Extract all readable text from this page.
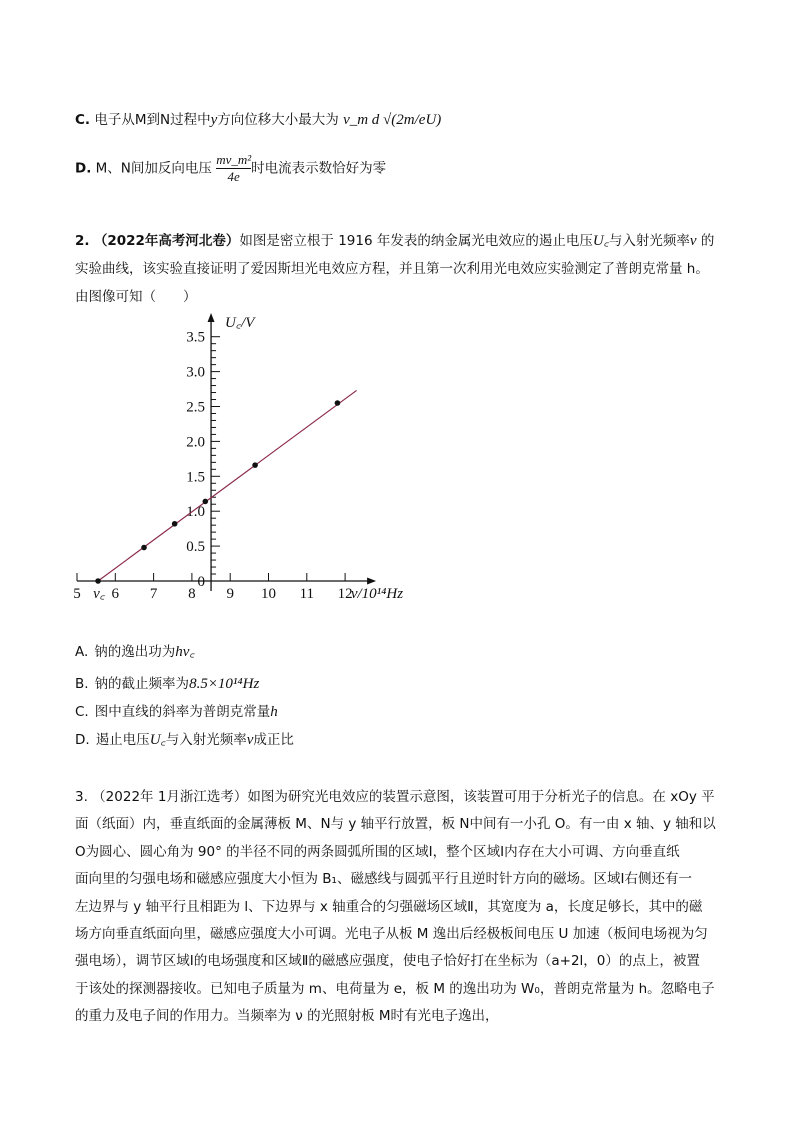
C. 电子从M到N过程中y方向位移大小最大为 v_m d √(2m/eU)
D. M、N间加反向电压 $\frac{\text{mv\_m²}}{4e}$ 时电流表示数恰好为零
2. （2022年高考河北卷）如图是密立根于 1916 年发表的纳金属光电效应的遏止电压U꜀与入射光频率ν 的
实验曲线，该实验直接证明了爱因斯坦光电效应方程，并且第一次利用光电效应实验测定了普朗克常量 h。
由图像可知（　　）
5 6 7 8 9 10 11 12
0
0.5
1.0
1.5
2.0
2.5
3.0
3.5
ν꜀	ν/10¹⁴Hz
U꜀/V
A. 钠的逸出功为hν꜀
B. 钠的截止频率为8.5×10¹⁴Hz
C. 图中直线的斜率为普朗克常量h
D. 遏止电压U꜀与入射光频率ν成正比
3. （2022年 1月浙江选考）如图为研究光电效应的装置示意图，该装置可用于分析光子的信息。在 xOy 平
面（纸面）内，垂直纸面的金属薄板 M、N与 y 轴平行放置，板 N中间有一小孔 O。有一由 x 轴、y 轴和以
O为圆心、圆心角为 90° 的半径不同的两条圆弧所围的区域Ⅰ，整个区域Ⅰ内存在大小可调、方向垂直纸
面向里的匀强电场和磁感应强度大小恒为 B₁、磁感线与圆弧平行且逆时针方向的磁场。区域Ⅰ右侧还有一
左边界与 y 轴平行且相距为 l、下边界与 x 轴重合的匀强磁场区域Ⅱ，其宽度为 a，长度足够长，其中的磁
场方向垂直纸面向里，磁感应强度大小可调。光电子从板 M 逸出后经极板间电压 U 加速（板间电场视为匀
强电场），调节区域Ⅰ的电场强度和区域Ⅱ的磁感应强度，使电子恰好打在坐标为（a+2l，0）的点上，被置
于该处的探测器接收。已知电子质量为 m、电荷量为 e，板 M 的逸出功为 W₀，普朗克常量为 h。忽略电子
的重力及电子间的作用力。当频率为 ν 的光照射板 M时有光电子逸出，
